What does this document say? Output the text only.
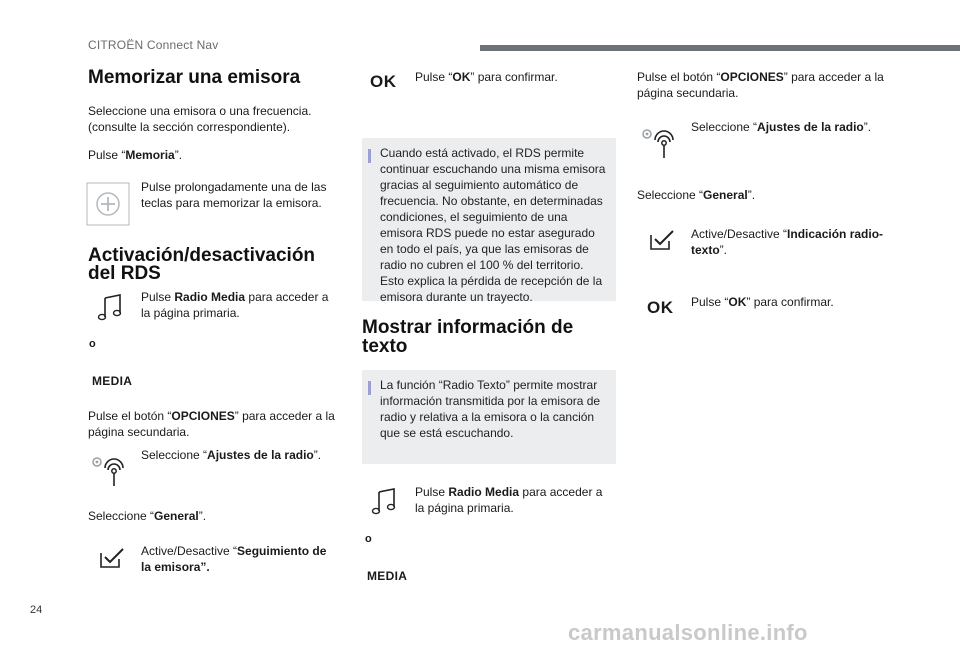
CITROËN Connect Nav
Memorizar una emisora
Seleccione una emisora o una frecuencia.
(consulte la sección correspondiente).
Pulse “Memoria”.
Pulse prolongadamente una de las
teclas para memorizar la emisora.
Activación/desactivación
del RDS
Pulse Radio Media para acceder a
la página primaria.
o
MEDIA
Pulse el botón “OPCIONES” para acceder a la
página secundaria.
Seleccione “Ajustes de la radio”.
Seleccione “General”.
Active/Desactive “Seguimiento de
la emisora”.
OK Pulse “OK” para confirmar.
Cuando está activado, el RDS permite
continuar escuchando una misma emisora
gracias al seguimiento automático de
frecuencia. No obstante, en determinadas
condiciones, el seguimiento de una
emisora RDS puede no estar asegurado
en todo el país, ya que las emisoras de
radio no cubren el 100 % del territorio.
Esto explica la pérdida de recepción de la
emisora durante un trayecto.
Mostrar información de
texto
La función “Radio Texto” permite mostrar
información transmitida por la emisora de
radio y relativa a la emisora o la canción
que se está escuchando.
Pulse Radio Media para acceder a
la página primaria.
o
MEDIA
Pulse el botón “OPCIONES” para acceder a la
página secundaria.
Seleccione “Ajustes de la radio”.
Seleccione “General”.
Active/Desactive “Indicación radio-
texto”.
OK Pulse “OK” para confirmar.
24
carmanualsonline.info
